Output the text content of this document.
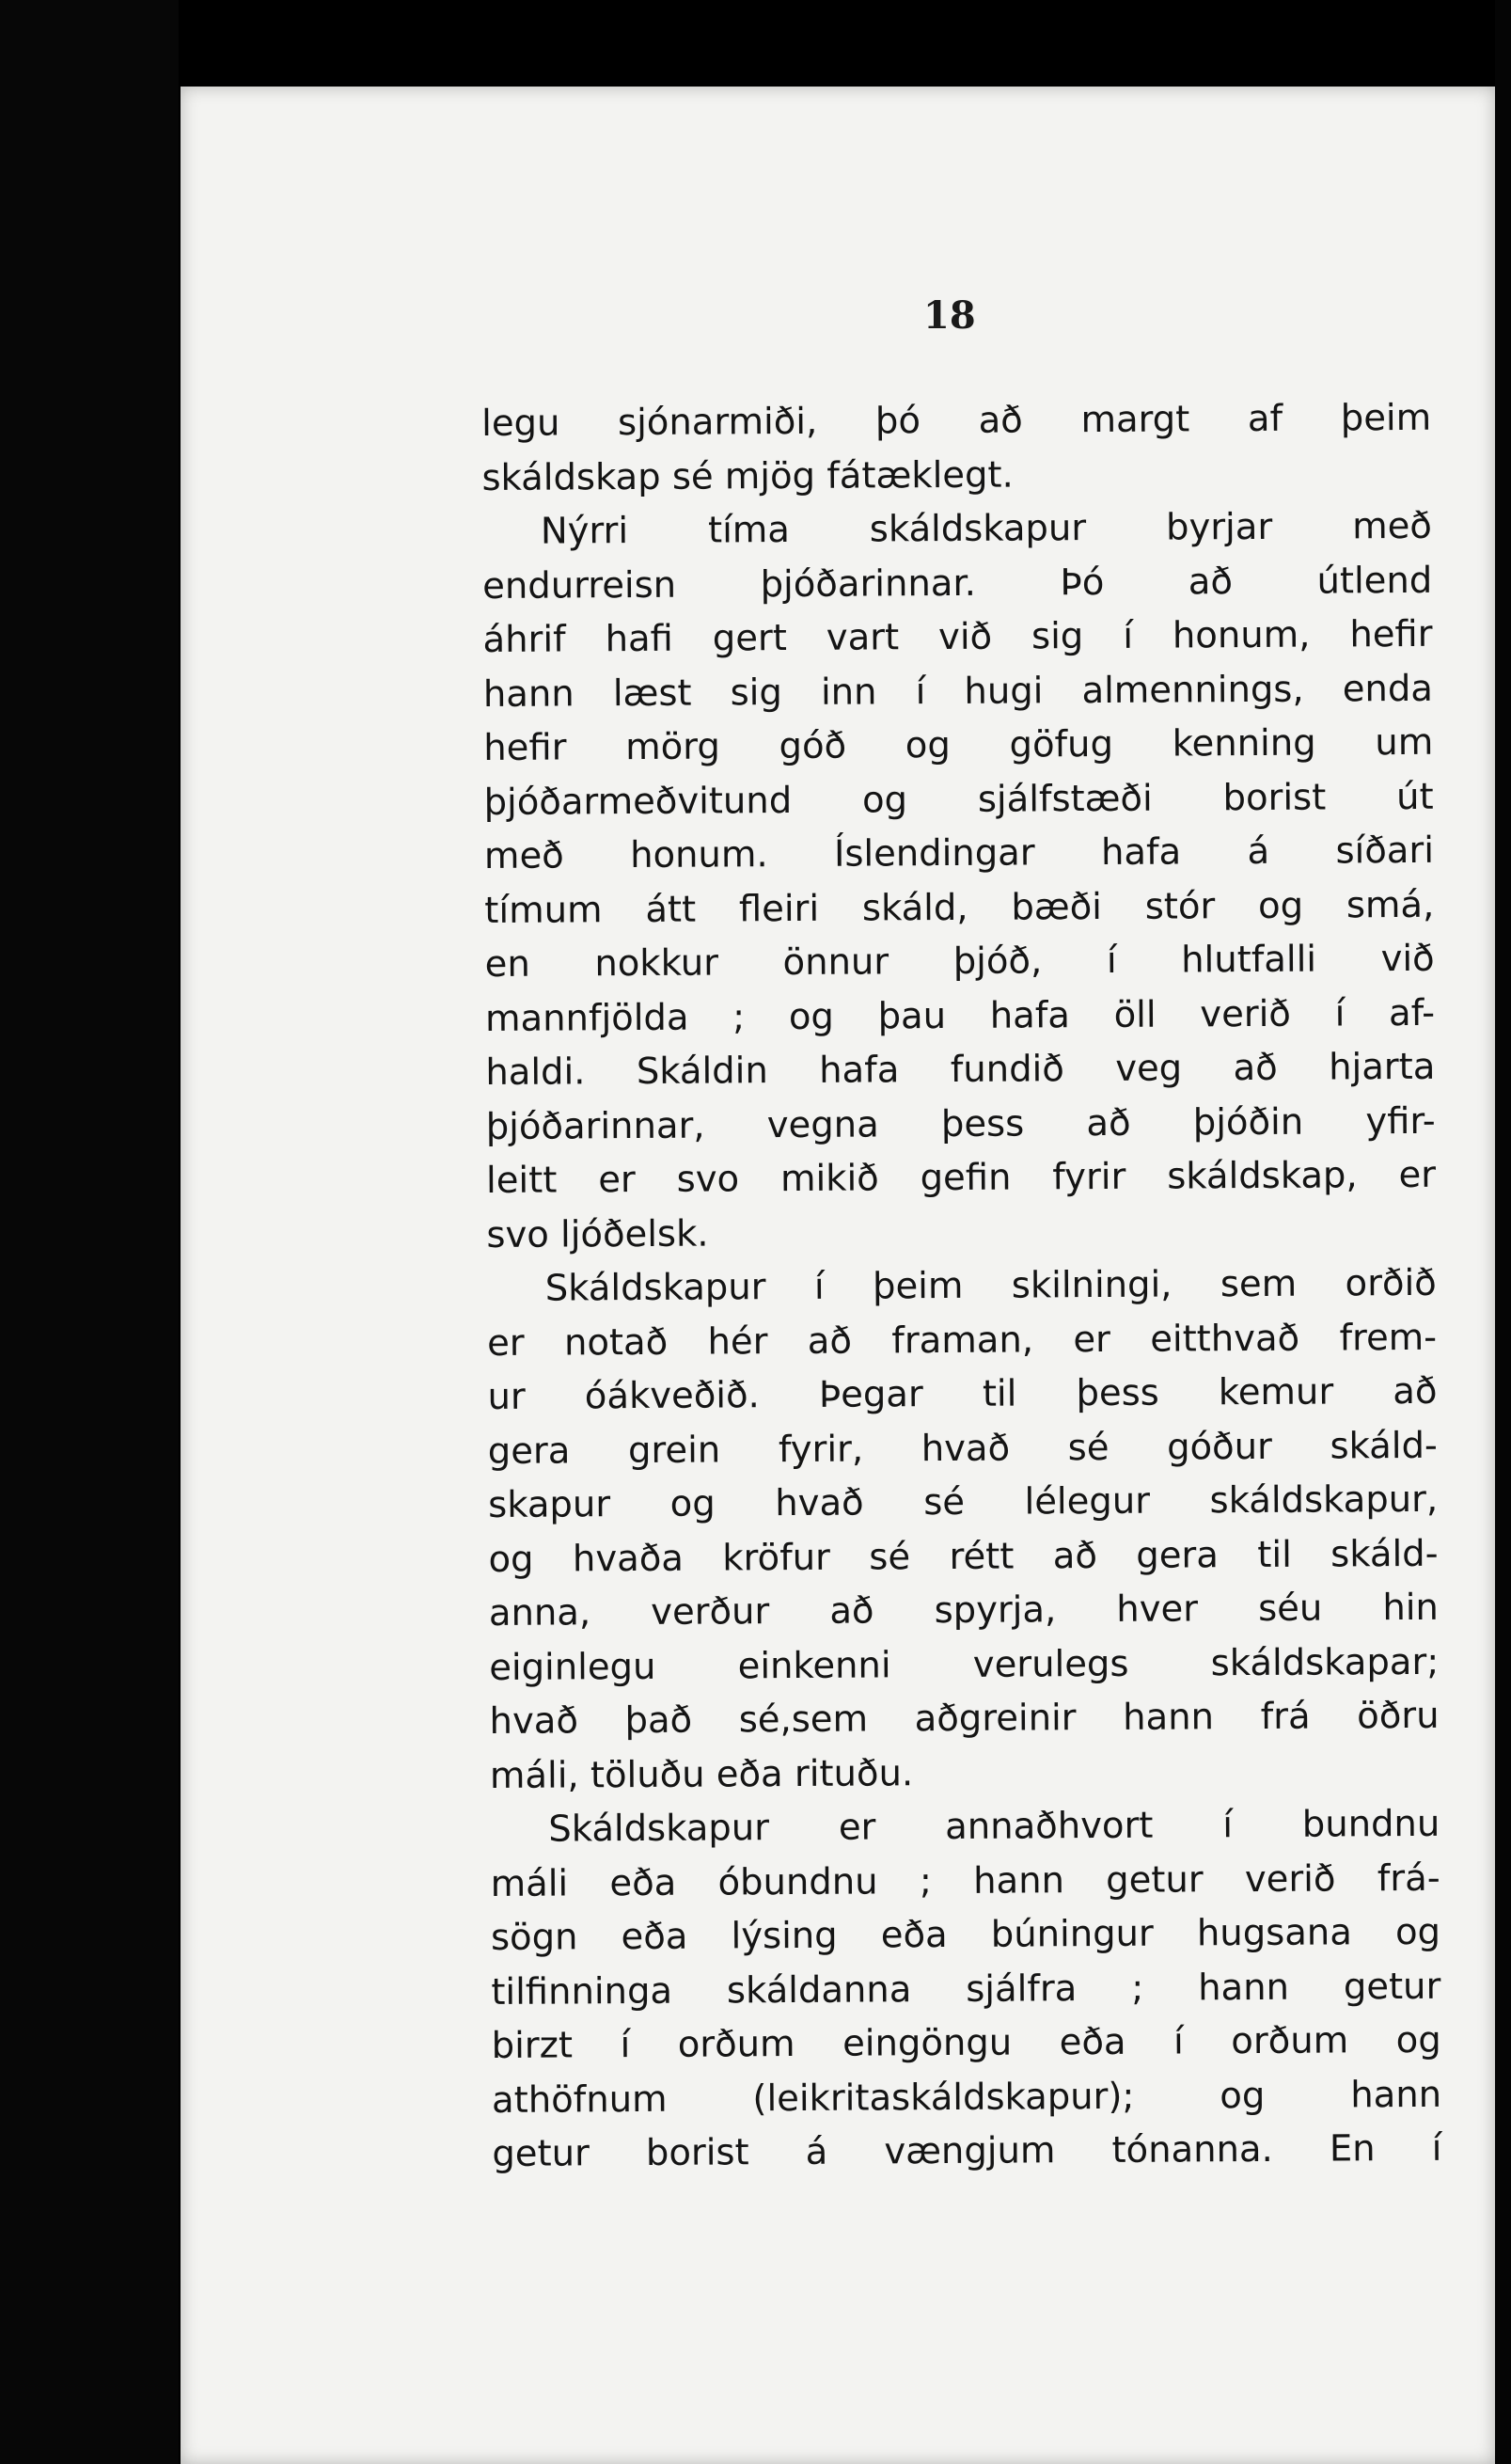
18
legu sjónarmiði, þó að margt af þeim
skáldskap sé mjög fátæklegt.
Nýrri tíma skáldskapur byrjar með
endurreisn þjóðarinnar. Þó að útlend
áhrif hafi gert vart við sig í honum, hefir
hann læst sig inn í hugi almennings, enda
hefir mörg góð og göfug kenning um
þjóðarmeðvitund og sjálfstæði borist út
með honum. Íslendingar hafa á síðari
tímum átt fleiri skáld, bæði stór og smá,
en nokkur önnur þjóð, í hlutfalli við
mannfjölda ; og þau hafa öll verið í af-
haldi. Skáldin hafa fundið veg að hjarta
þjóðarinnar, vegna þess að þjóðin yfir-
leitt er svo mikið gefin fyrir skáldskap, er
svo ljóðelsk.
Skáldskapur í þeim skilningi, sem orðið
er notað hér að framan, er eitthvað frem-
ur óákveðið. Þegar til þess kemur að
gera grein fyrir, hvað sé góður skáld-
skapur og hvað sé lélegur skáldskapur,
og hvaða kröfur sé rétt að gera til skáld-
anna, verður að spyrja, hver séu hin
eiginlegu einkenni verulegs skáldskapar;
hvað það sé,sem aðgreinir hann frá öðru
máli, töluðu eða rituðu.
Skáldskapur er annaðhvort í bundnu
máli eða óbundnu ; hann getur verið frá-
sögn eða lýsing eða búningur hugsana og
tilfinninga skáldanna sjálfra ; hann getur
birzt í orðum eingöngu eða í orðum og
athöfnum (leikritaskáldskapur); og hann
getur borist á vængjum tónanna. En í
